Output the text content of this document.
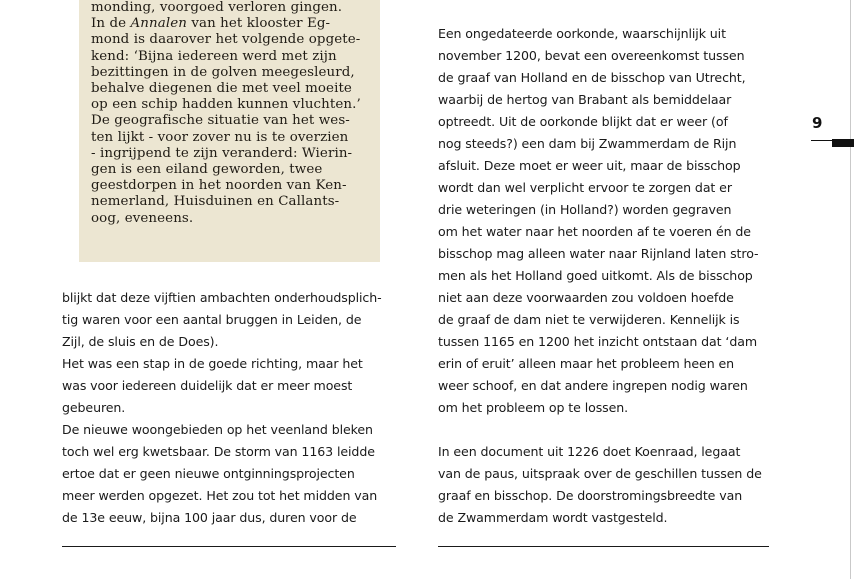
monding, voorgoed verloren gingen.
In de Annalen van het klooster Eg-
mond is daarover het volgende opgete-
kend: ‘Bijna iedereen werd met zijn
bezittingen in de golven meegesleurd,
behalve diegenen die met veel moeite
op een schip hadden kunnen vluchten.’
De geografische situatie van het wes-
ten lijkt - voor zover nu is te overzien
- ingrijpend te zijn veranderd: Wierin-
gen is een eiland geworden, twee
geestdorpen in het noorden van Ken-
nemerland, Huisduinen en Callants-
oog, eveneens.
blijkt dat deze vijftien ambachten onderhoudsplich-
tig waren voor een aantal bruggen in Leiden, de
Zijl, de sluis en de Does).
Het was een stap in de goede richting, maar het
was voor iedereen duidelijk dat er meer moest
gebeuren.
De nieuwe woongebieden op het veenland bleken
toch wel erg kwetsbaar. De storm van 1163 leidde
ertoe dat er geen nieuwe ontginningsprojecten
meer werden opgezet. Het zou tot het midden van
de 13e eeuw, bijna 100 jaar dus, duren voor de
Een ongedateerde oorkonde, waarschijnlijk uit
november 1200, bevat een overeenkomst tussen
de graaf van Holland en de bisschop van Utrecht,
waarbij de hertog van Brabant als bemiddelaar
optreedt. Uit de oorkonde blijkt dat er weer (of
nog steeds?) een dam bij Zwammerdam de Rijn
afsluit. Deze moet er weer uit, maar de bisschop
wordt dan wel verplicht ervoor te zorgen dat er
drie weteringen (in Holland?) worden gegraven
om het water naar het noorden af te voeren én de
bisschop mag alleen water naar Rijnland laten stro-
men als het Holland goed uitkomt. Als de bisschop
niet aan deze voorwaarden zou voldoen hoefde
de graaf de dam niet te verwijderen. Kennelijk is
tussen 1165 en 1200 het inzicht ontstaan dat ‘dam
erin of eruit’ alleen maar het probleem heen en
weer schoof, en dat andere ingrepen nodig waren
om het probleem op te lossen.
In een document uit 1226 doet Koenraad, legaat
van de paus, uitspraak over de geschillen tussen de
graaf en bisschop. De doorstromingsbreedte van
de Zwammerdam wordt vastgesteld.
9
